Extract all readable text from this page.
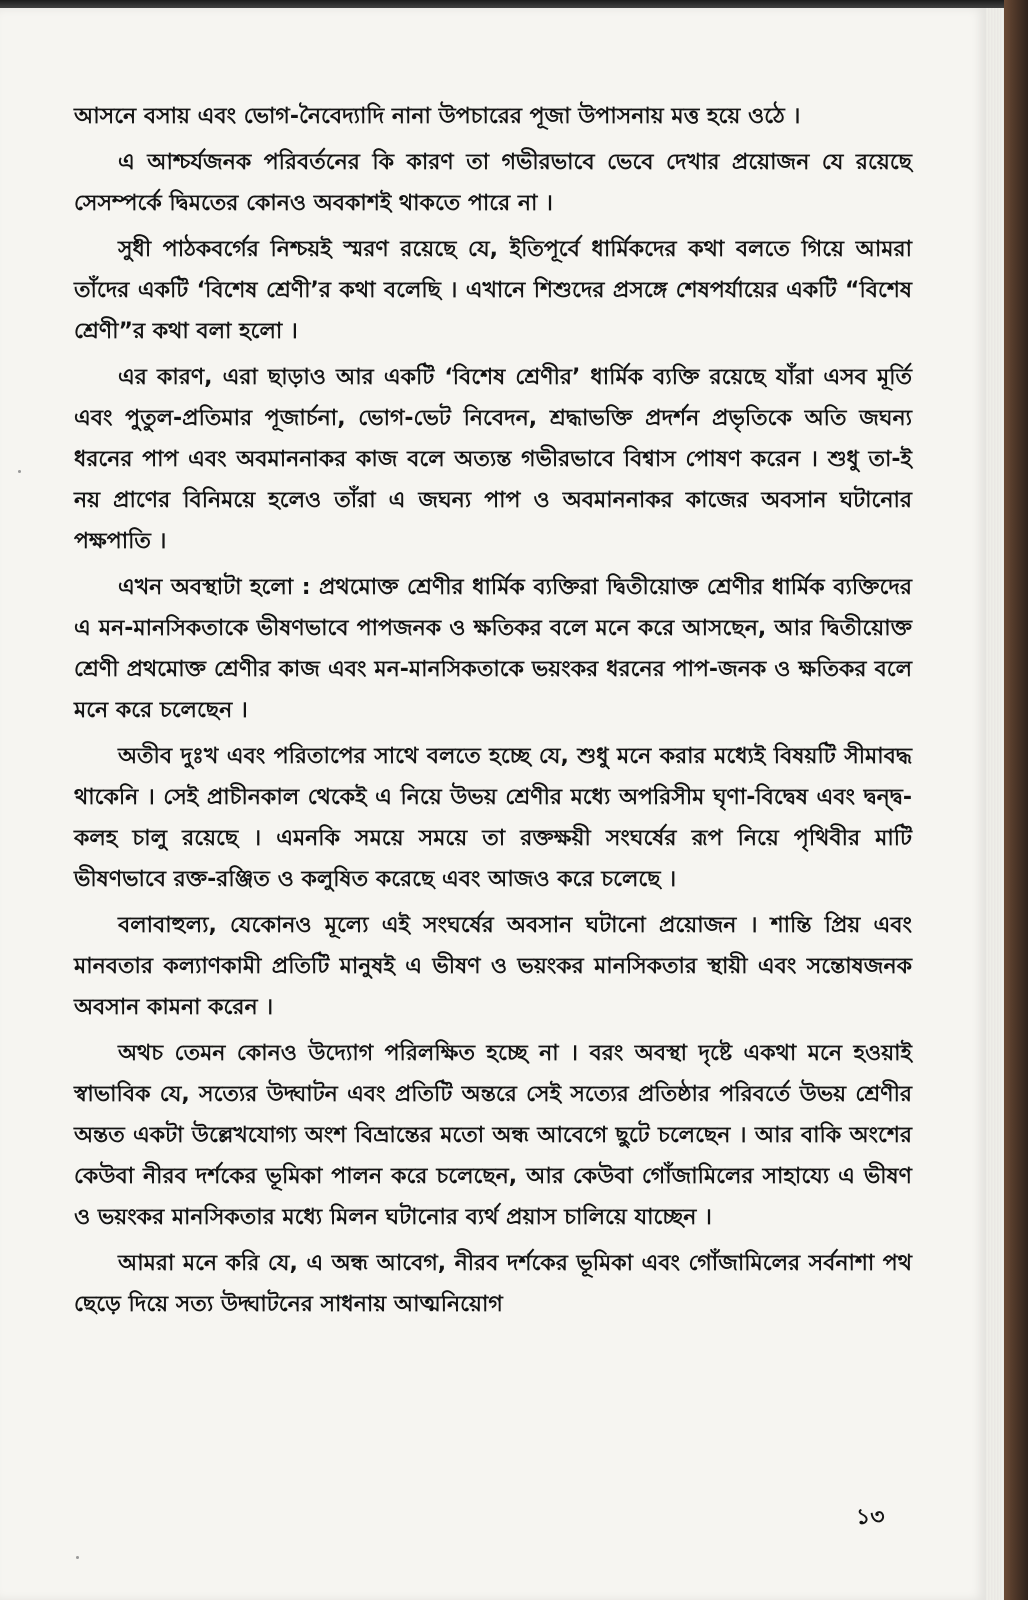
আসনে বসায় এবং ভোগ-নৈবেদ্যাদি নানা উপচারের পূজা উপাসনায় মত্ত হয়ে ওঠে ।

এ আশ্চর্যজনক পরিবর্তনের কি কারণ তা গভীরভাবে ভেবে দেখার প্রয়োজন যে রয়েছে সেসম্পর্কে দ্বিমতের কোনও অবকাশই থাকতে পারে না ।

সুধী পাঠকবর্গের নিশ্চয়ই স্মরণ রয়েছে যে, ইতিপূর্বে ধার্মিকদের কথা বলতে গিয়ে আমরা তাঁদের একটি ‘বিশেষ শ্রেণী’র কথা বলেছি । এখানে শিশুদের প্রসঙ্গে শেষপর্যায়ের একটি “বিশেষ শ্রেণী”র কথা বলা হলো ।

এর কারণ, এরা ছাড়াও আর একটি ‘বিশেষ শ্রেণীর’ ধার্মিক ব্যক্তি রয়েছে যাঁরা এসব মূর্তি এবং পুতুল-প্রতিমার পূজার্চনা, ভোগ-ভেট নিবেদন, শ্রদ্ধাভক্তি প্রদর্শন প্রভৃতিকে অতি জঘন্য ধরনের পাপ এবং অবমাননাকর কাজ বলে অত্যন্ত গভীরভাবে বিশ্বাস পোষণ করেন । শুধু তা-ই নয় প্রাণের বিনিময়ে হলেও তাঁরা এ জঘন্য পাপ ও অবমাননাকর কাজের অবসান ঘটানোর পক্ষপাতি ।

এখন অবস্থাটা হলো : প্রথমোক্ত শ্রেণীর ধার্মিক ব্যক্তিরা দ্বিতীয়োক্ত শ্রেণীর ধার্মিক ব্যক্তিদের এ মন-মানসিকতাকে ভীষণভাবে পাপজনক ও ক্ষতিকর বলে মনে করে আসছেন, আর দ্বিতীয়োক্ত শ্রেণী প্রথমোক্ত শ্রেণীর কাজ এবং মন-মানসিকতাকে ভয়ংকর ধরনের পাপ-জনক ও ক্ষতিকর বলে মনে করে চলেছেন ।

অতীব দুঃখ এবং পরিতাপের সাথে বলতে হচ্ছে যে, শুধু মনে করার মধ্যেই বিষয়টি সীমাবদ্ধ থাকেনি । সেই প্রাচীনকাল থেকেই এ নিয়ে উভয় শ্রেণীর মধ্যে অপরিসীম ঘৃণা-বিদ্বেষ এবং দ্বন্দ্ব-কলহ চালু রয়েছে । এমনকি সময়ে সময়ে তা রক্তক্ষয়ী সংঘর্ষের রূপ নিয়ে পৃথিবীর মাটি ভীষণভাবে রক্ত-রঞ্জিত ও কলুষিত করেছে এবং আজও করে চলেছে ।

বলাবাহুল্য, যেকোনও মূল্যে এই সংঘর্ষের অবসান ঘটানো প্রয়োজন । শান্তি প্রিয় এবং মানবতার কল্যাণকামী প্রতিটি মানুষই এ ভীষণ ও ভয়ংকর মানসিকতার স্থায়ী এবং সন্তোষজনক অবসান কামনা করেন ।

অথচ তেমন কোনও উদ্যোগ পরিলক্ষিত হচ্ছে না । বরং অবস্থা দৃষ্টে একথা মনে হওয়াই স্বাভাবিক যে, সত্যের উদ্ঘাটন এবং প্রতিটি অন্তরে সেই সত্যের প্রতিষ্ঠার পরিবর্তে উভয় শ্রেণীর অন্তত একটা উল্লেখযোগ্য অংশ বিভ্রান্তের মতো অন্ধ আবেগে ছুটে চলেছেন । আর বাকি অংশের কেউবা নীরব দর্শকের ভূমিকা পালন করে চলেছেন, আর কেউবা গোঁজামিলের সাহায্যে এ ভীষণ ও ভয়ংকর মানসিকতার মধ্যে মিলন ঘটানোর ব্যর্থ প্রয়াস চালিয়ে যাচ্ছেন ।

আমরা মনে করি যে, এ অন্ধ আবেগ, নীরব দর্শকের ভূমিকা এবং গোঁজামিলের সর্বনাশা পথ ছেড়ে দিয়ে সত্য উদ্ঘাটনের সাধনায় আত্মনিয়োগ

১৩
